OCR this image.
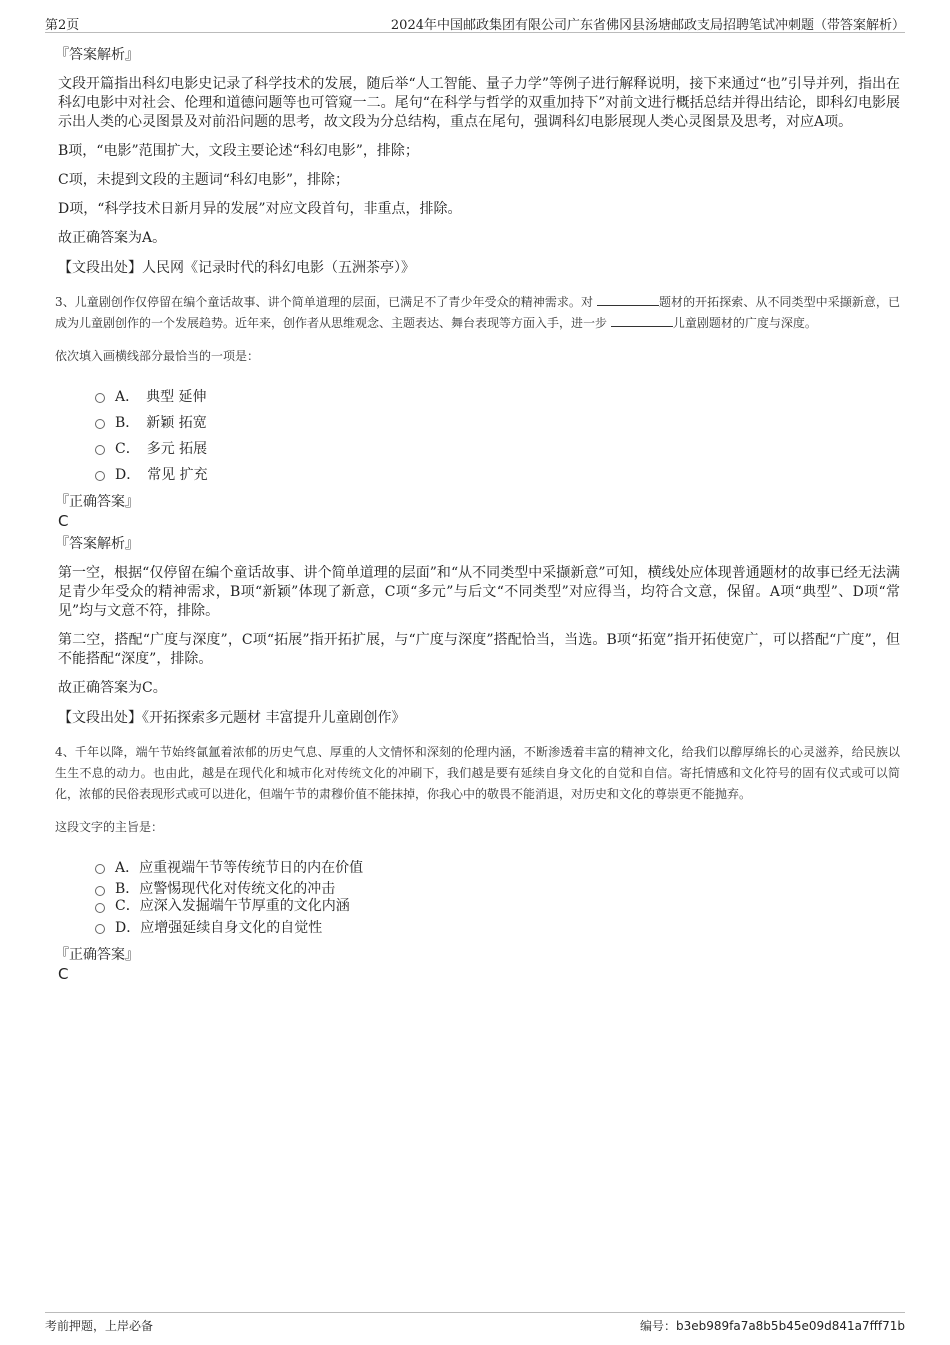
第2页	2024年中国邮政集团有限公司广东省佛冈县汤塘邮政支局招聘笔试冲刺题（带答案解析）
『答案解析』

文段开篇指出科幻电影史记录了科学技术的发展，随后举“人工智能、量子力学”等例子进行解释说明，接下来通过“也”引导并列，指出在科幻电影中对社会、伦理和道德问题等也可管窥一二。尾句“在科学与哲学的双重加持下”对前文进行概括总结并得出结论，即科幻电影展示出人类的心灵图景及对前沿问题的思考，故文段为分总结构，重点在尾句，强调科幻电影展现人类心灵图景及思考，对应A项。

B项，“电影”范围扩大，文段主要论述“科幻电影”，排除；

C项，未提到文段的主题词“科幻电影”，排除；

D项，“科学技术日新月异的发展”对应文段首句，非重点，排除。

故正确答案为A。

【文段出处】人民网《记录时代的科幻电影（五洲茶亭）》

3、儿童剧创作仅停留在编个童话故事、讲个简单道理的层面，已满足不了青少年受众的精神需求。对	题材的开拓探索、从不同类型中采撷新意，已成为儿童剧创作的一个发展趋势。近年来，创作者从思维观念、主题表达、舞台表现等方面入手，进一步	儿童剧题材的广度与深度。

依次填入画横线部分最恰当的一项是：

A．　典型 延伸
B．　新颖 拓宽
C．　多元 拓展
D．　常见 扩充
『正确答案』
C
『答案解析』

第一空，根据“仅停留在编个童话故事、讲个简单道理的层面”和“从不同类型中采撷新意”可知，横线处应体现普通题材的故事已经无法满足青少年受众的精神需求，B项“新颖”体现了新意，C项“多元”与后文“不同类型”对应得当，均符合文意，保留。A项“典型”、D项“常见”均与文意不符，排除。

第二空，搭配“广度与深度”，C项“拓展”指开拓扩展，与“广度与深度”搭配恰当，当选。B项“拓宽”指开拓使宽广，可以搭配“广度”，但不能搭配“深度”，排除。

故正确答案为C。

【文段出处】《开拓探索多元题材 丰富提升儿童剧创作》

4、千年以降，端午节始终氤氲着浓郁的历史气息、厚重的人文情怀和深刻的伦理内涵，不断渗透着丰富的精神文化，给我们以醇厚绵长的心灵滋养，给民族以生生不息的动力。也由此，越是在现代化和城市化对传统文化的冲刷下，我们越是要有延续自身文化的自觉和自信。寄托情感和文化符号的固有仪式或可以简化，浓郁的民俗表现形式或可以进化，但端午节的肃穆价值不能抹掉，你我心中的敬畏不能消退，对历史和文化的尊崇更不能抛弃。

这段文字的主旨是：

A．应重视端午节等传统节日的内在价值
B．应警惕现代化对传统文化的冲击
C．应深入发掘端午节厚重的文化内涵
D．应增强延续自身文化的自觉性
『正确答案』
C
考前押题，上岸必备	编号：b3eb989fa7a8b5b45e09d841a7fff71b
